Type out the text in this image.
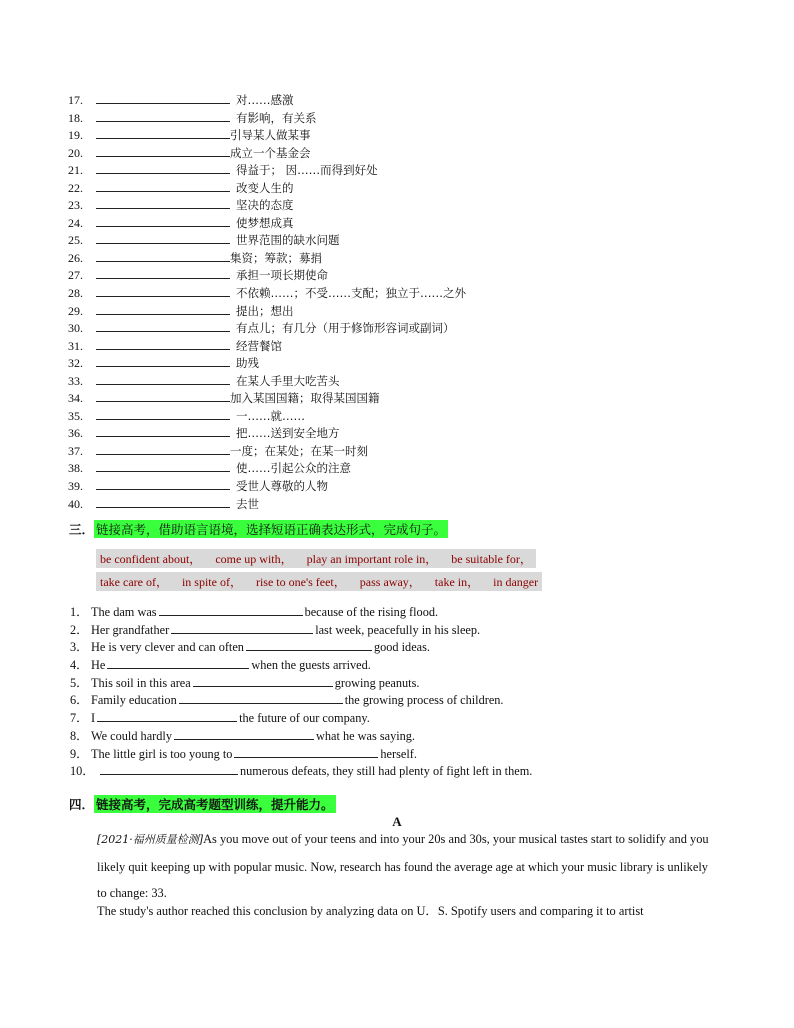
17.	对……感激
18.	有影响，有关系
19.	引导某人做某事
20.	成立一个基金会
21.	得益于； 因……而得到好处
22.	改变人生的
23.	坚决的态度
24.	使梦想成真
25.	世界范围的缺水问题
26.	集资；筹款；募捐
27.	承担一项长期使命
28.	不依赖……；不受……支配；独立于……之外
29.	提出；想出
30.	有点儿；有几分（用于修饰形容词或副词）
31.	经营餐馆
32.	助残
33.	在某人手里大吃苦头
34.	加入某国国籍；取得某国国籍
35.	一……就……
36.	把……送到安全地方
37.	一度；在某处；在某一时刻
38.	使……引起公众的注意
39.	受世人尊敬的人物
40.	去世
三． 链接高考，借助语言语境，选择短语正确表达形式，完成句子。
be confident about， come up with， play an important role in， be suitable for，
take care of， in spite of， rise to one's feet， pass away， take in， in danger
1． The dam was	because of the rising flood.
2． Her grandfather	last week, peacefully in his sleep.
3． He is very clever and can often	good ideas.
4． He	when the guests arrived.
5． This soil in this area	growing peanuts.
6． Family education	the growing process of children.
7． I	the future of our company.
8． We could hardly	what he was saying.
9． The little girl is too young to	herself.
10．	numerous defeats, they still had plenty of fight left in them.
四． 链接高考，完成高考题型训练，提升能力。
A
[2021·福州质量检测]As you move out of your teens and into your 20s and 30s, your musical tastes start to solidify and you likely quit keeping up with popular music. Now, research has found the average age at which your music library is unlikely to change: 33.
The study's author reached this conclusion by analyzing data on U．S. Spotify users and comparing it to artist
